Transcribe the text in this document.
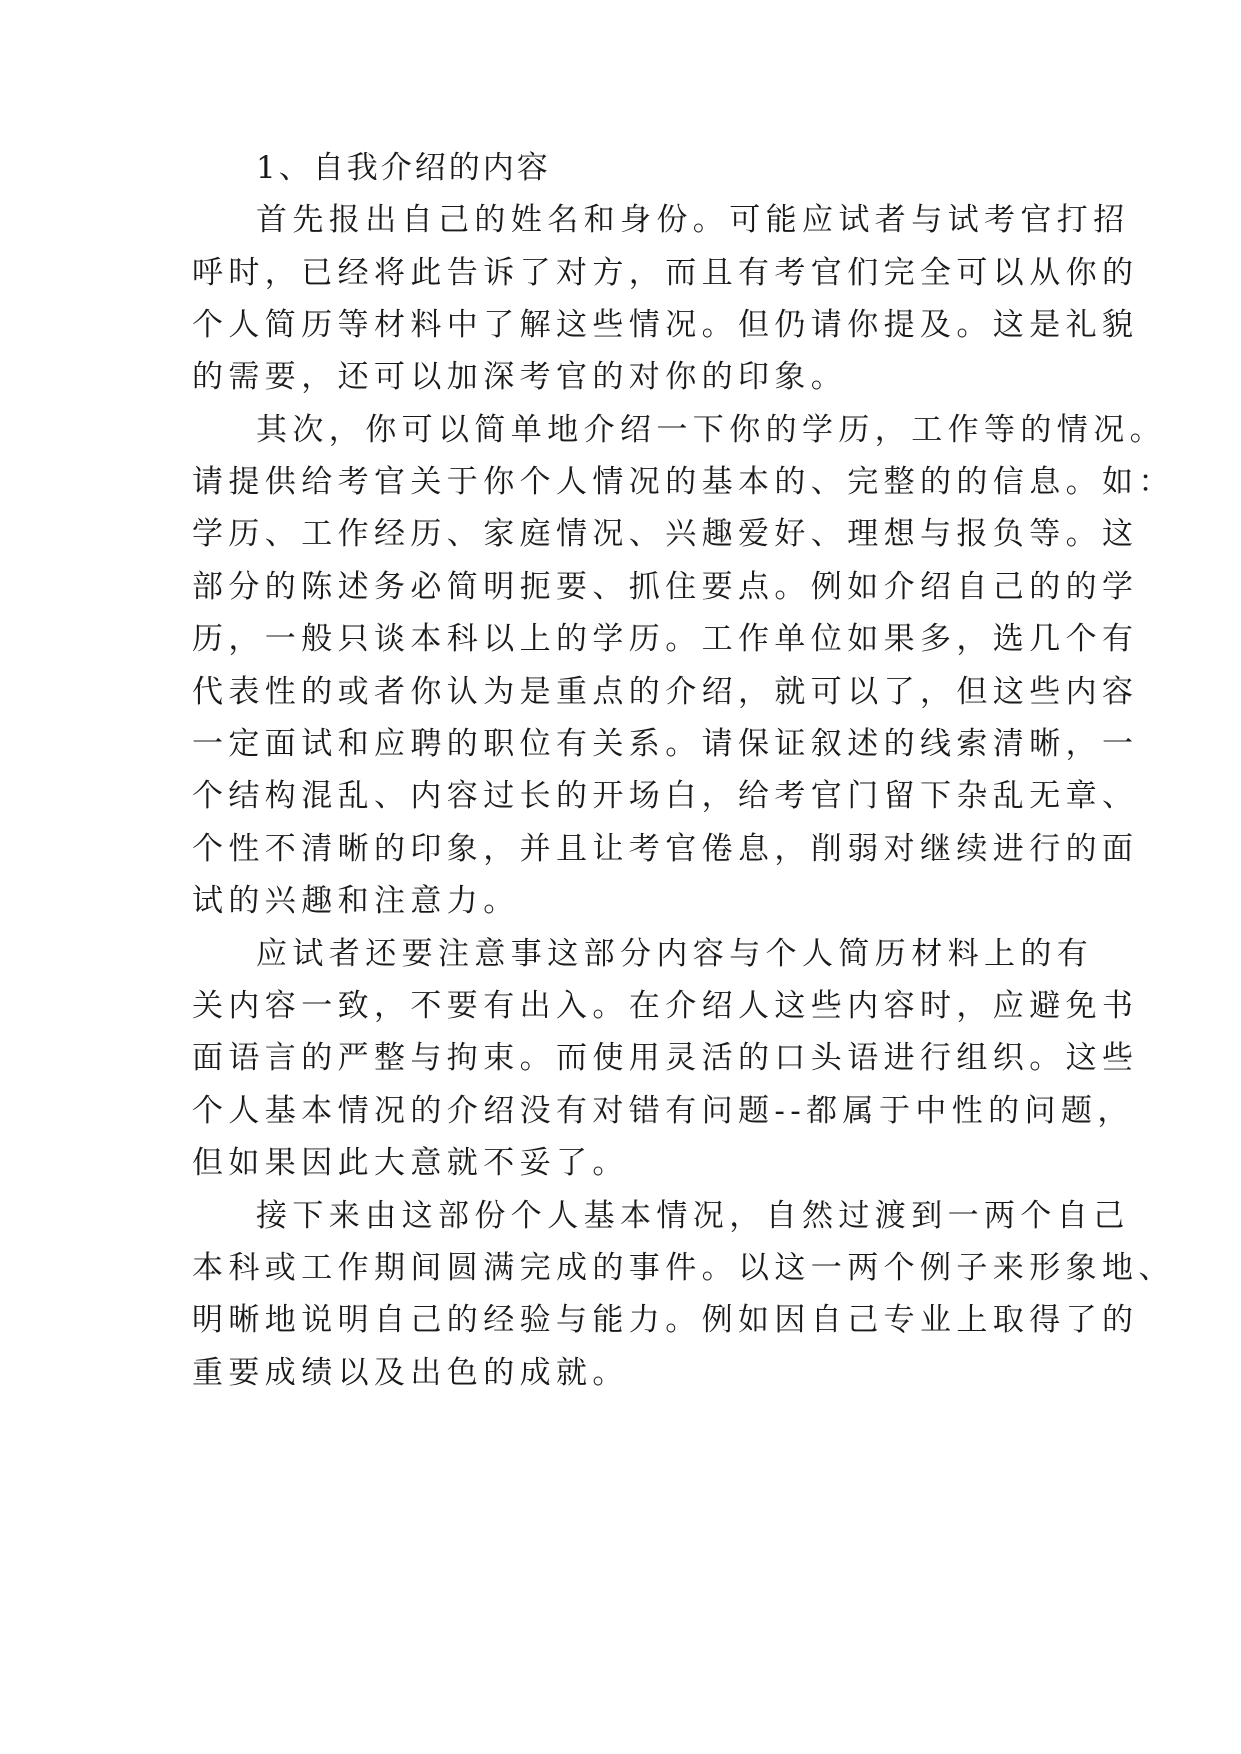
1、自我介绍的内容
首先报出自己的姓名和身份。可能应试者与试考官打招
呼时，已经将此告诉了对方，而且有考官们完全可以从你的
个人简历等材料中了解这些情况。但仍请你提及。这是礼貌
的需要，还可以加深考官的对你的印象。
其次，你可以简单地介绍一下你的学历，工作等的情况。
请提供给考官关于你个人情况的基本的、完整的的信息。如：
学历、工作经历、家庭情况、兴趣爱好、理想与报负等。这
部分的陈述务必简明扼要、抓住要点。例如介绍自己的的学
历，一般只谈本科以上的学历。工作单位如果多，选几个有
代表性的或者你认为是重点的介绍，就可以了，但这些内容
一定面试和应聘的职位有关系。请保证叙述的线索清晰，一
个结构混乱、内容过长的开场白，给考官门留下杂乱无章、
个性不清晰的印象，并且让考官倦息，削弱对继续进行的面
试的兴趣和注意力。
应试者还要注意事这部分内容与个人简历材料上的有
关内容一致，不要有出入。在介绍人这些内容时，应避免书
面语言的严整与拘束。而使用灵活的口头语进行组织。这些
个人基本情况的介绍没有对错有问题--都属于中性的问题，
但如果因此大意就不妥了。
接下来由这部份个人基本情况，自然过渡到一两个自己
本科或工作期间圆满完成的事件。以这一两个例子来形象地、
明晰地说明自己的经验与能力。例如因自己专业上取得了的
重要成绩以及出色的成就。
